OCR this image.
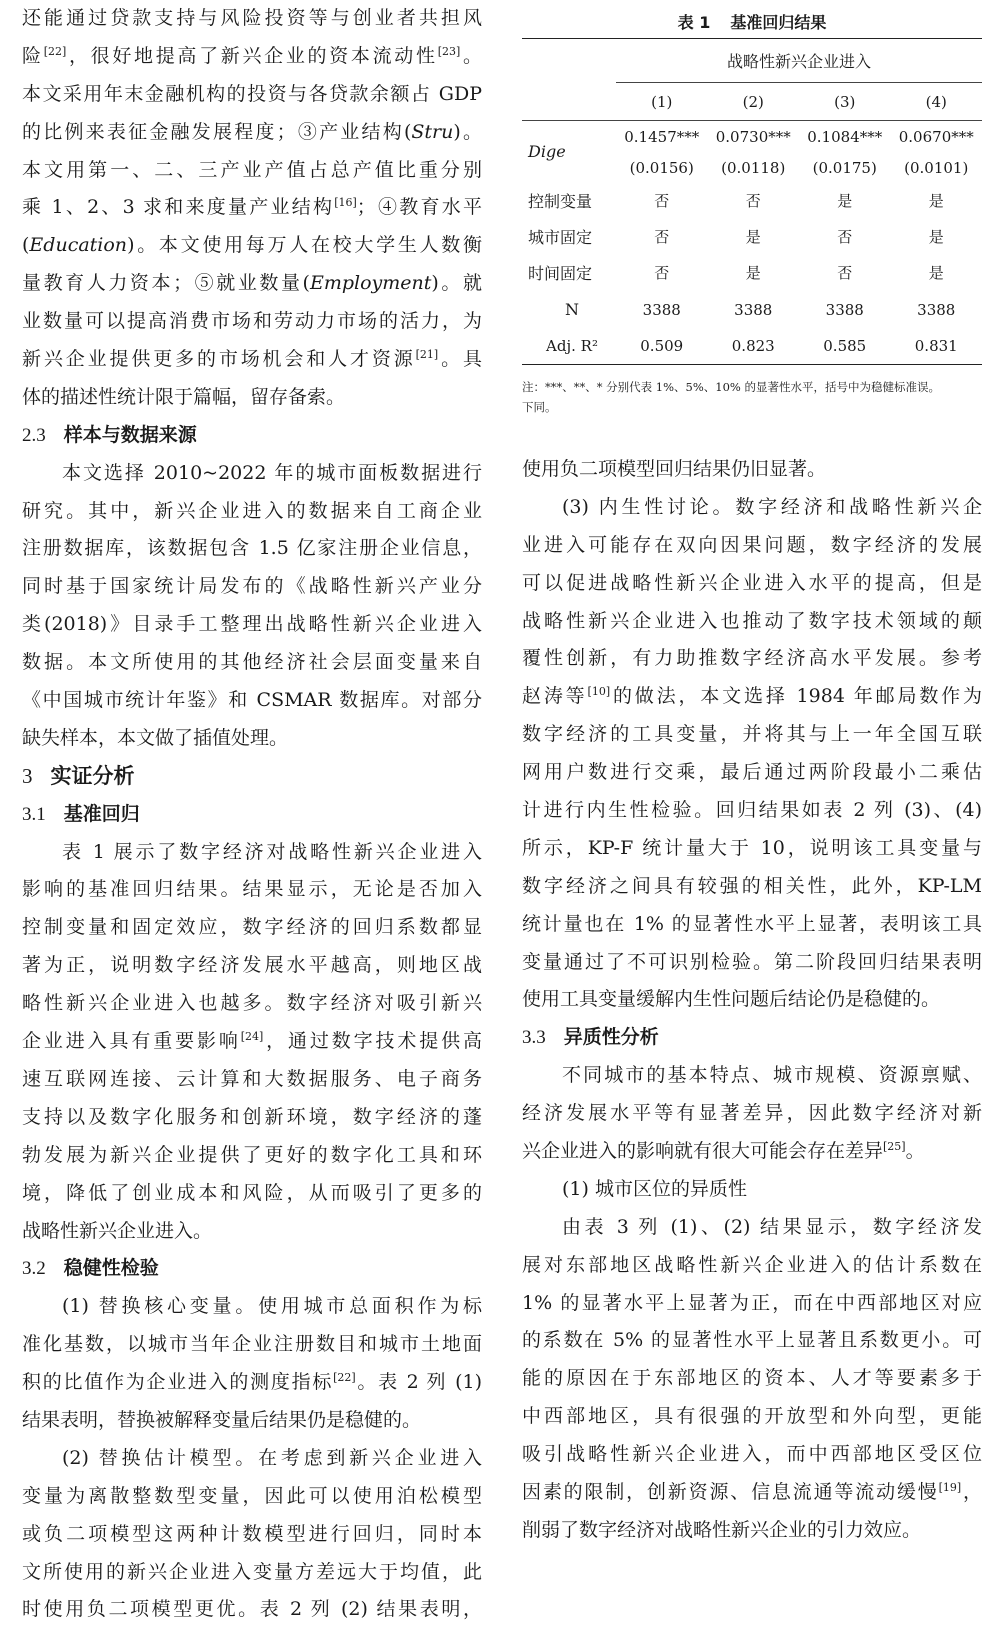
还能通过贷款支持与风险投资等与创业者共担风

险[22]，很好地提高了新兴企业的资本流动性[23]。

本文采用年末金融机构的投资与各贷款余额占 GDP

的比例来表征金融发展程度；③产业结构(Stru)。

本文用第一、二、三产业产值占总产值比重分别

乘 1、2、3 求和来度量产业结构[16]；④教育水平

(Education)。本文使用每万人在校大学生人数衡

量教育人力资本；⑤就业数量(Employment)。就

业数量可以提高消费市场和劳动力市场的活力，为

新兴企业提供更多的市场机会和人才资源[21]。具

体的描述性统计限于篇幅，留存备索。

2.3 样本与数据来源

本文选择 2010~2022 年的城市面板数据进行

研究。其中，新兴企业进入的数据来自工商企业

注册数据库，该数据包含 1.5 亿家注册企业信息，

同时基于国家统计局发布的《战略性新兴产业分

类(2018)》目录手工整理出战略性新兴企业进入

数据。本文所使用的其他经济社会层面变量来自

《中国城市统计年鉴》和 CSMAR 数据库。对部分

缺失样本，本文做了插值处理。

3 实证分析

3.1 基准回归

表 1 展示了数字经济对战略性新兴企业进入

影响的基准回归结果。结果显示，无论是否加入

控制变量和固定效应，数字经济的回归系数都显

著为正，说明数字经济发展水平越高，则地区战

略性新兴企业进入也越多。数字经济对吸引新兴

企业进入具有重要影响[24]，通过数字技术提供高

速互联网连接、云计算和大数据服务、电子商务

支持以及数字化服务和创新环境，数字经济的蓬

勃发展为新兴企业提供了更好的数字化工具和环

境，降低了创业成本和风险，从而吸引了更多的

战略性新兴企业进入。

3.2 稳健性检验

(1) 替换核心变量。使用城市总面积作为标

准化基数，以城市当年企业注册数目和城市土地面

积的比值作为企业进入的测度指标[22]。表 2 列 (1)

结果表明，替换被解释变量后结果仍是稳健的。

(2) 替换估计模型。在考虑到新兴企业进入

变量为离散整数型变量，因此可以使用泊松模型

或负二项模型这两种计数模型进行回归，同时本

文所使用的新兴企业进入变量方差远大于均值，此

时使用负二项模型更优。表 2 列 (2) 结果表明，

表 1 基准回归结果
	战略性新兴企业进入			
	(1)	(2)	(3)	(4)
Dige	0.1457***	0.0730***	0.1084***	0.0670***
	(0.0156)	(0.0118)	(0.0175)	(0.0101)
控制变量	否	否	是	是
城市固定	否	是	否	是
时间固定	否	是	否	是
N	3388	3388	3388	3388
Adj. R²	0.509	0.823	0.585	0.831
注：***、**、* 分别代表 1%、5%、10% 的显著性水平，括号中为稳健标准误。
下同。

使用负二项模型回归结果仍旧显著。

(3) 内生性讨论。数字经济和战略性新兴企

业进入可能存在双向因果问题，数字经济的发展

可以促进战略性新兴企业进入水平的提高，但是

战略性新兴企业进入也推动了数字技术领域的颠

覆性创新，有力助推数字经济高水平发展。参考

赵涛等[10]的做法，本文选择 1984 年邮局数作为

数字经济的工具变量，并将其与上一年全国互联

网用户数进行交乘，最后通过两阶段最小二乘估

计进行内生性检验。回归结果如表 2 列 (3)、(4)

所示，KP-F 统计量大于 10，说明该工具变量与

数字经济之间具有较强的相关性，此外，KP-LM

统计量也在 1% 的显著性水平上显著，表明该工具

变量通过了不可识别检验。第二阶段回归结果表明

使用工具变量缓解内生性问题后结论仍是稳健的。

3.3 异质性分析

不同城市的基本特点、城市规模、资源禀赋、

经济发展水平等有显著差异，因此数字经济对新

兴企业进入的影响就有很大可能会存在差异[25]。

(1) 城市区位的异质性

由表 3 列 (1)、(2) 结果显示，数字经济发

展对东部地区战略性新兴企业进入的估计系数在

1% 的显著水平上显著为正，而在中西部地区对应

的系数在 5% 的显著性水平上显著且系数更小。可

能的原因在于东部地区的资本、人才等要素多于

中西部地区，具有很强的开放型和外向型，更能

吸引战略性新兴企业进入，而中西部地区受区位

因素的限制，创新资源、信息流通等流动缓慢[19]，

削弱了数字经济对战略性新兴企业的引力效应。
